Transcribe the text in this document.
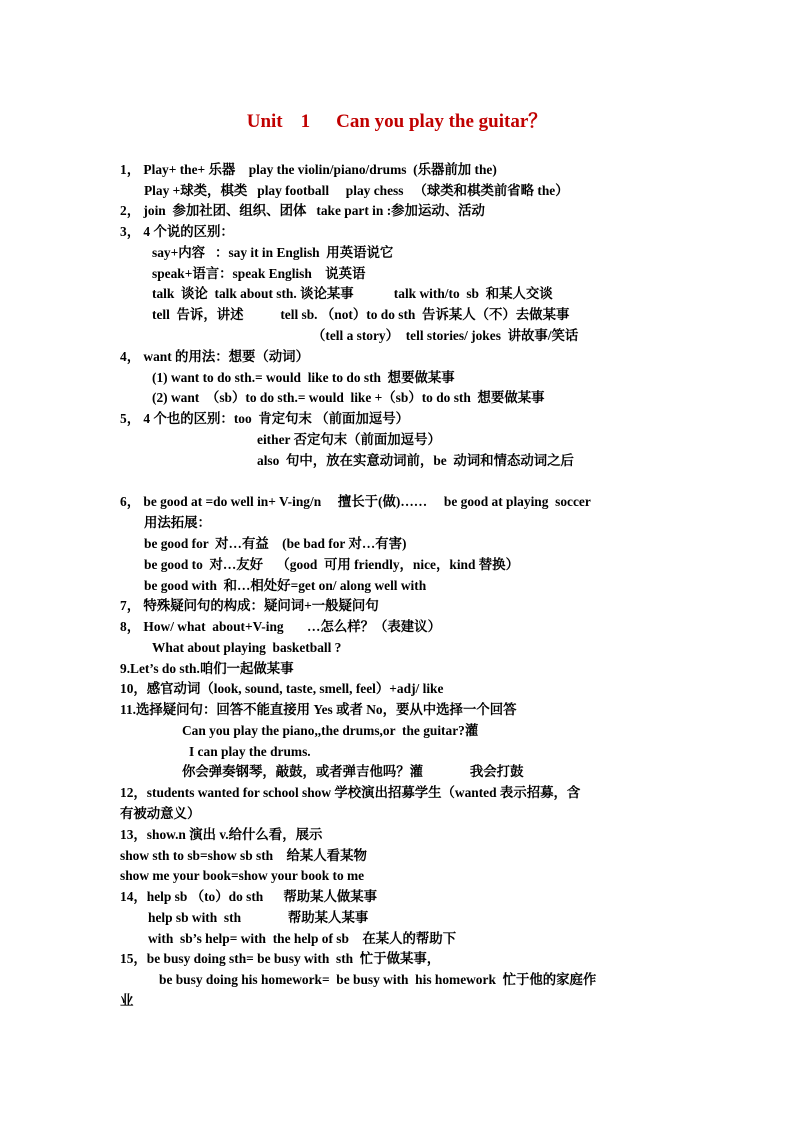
Unit 1 Can you play the guitar？
1， Play+ the+ 乐器    play the violin/piano/drums  (乐器前加 the)
Play +球类，棋类   play football     play chess   （球类和棋类前省略 the）
2， join  参加社团、组织、团体   take part in :参加运动、活动
3， 4 个说的区别：
say+内容   ：say it in English  用英语说它
speak+语言：speak English    说英语
talk  谈论  talk about sth. 谈论某事            talk with/to  sb  和某人交谈
tell  告诉，讲述           tell sb. （not）to do sth  告诉某人（不）去做某事
（tell a story）  tell stories/ jokes  讲故事/笑话
4， want 的用法：想要（动词）
(1) want to do sth.= would  like to do sth  想要做某事
(2) want  （sb）to do sth.= would  like +（sb）to do sth  想要做某事
5， 4 个也的区别：too  肯定句末 （前面加逗号）
either 否定句末（前面加逗号）
also  句中，放在实意动词前，be  动词和情态动词之后
6， be good at =do well in+ V-ing/n     擅长于(做)……     be good at playing  soccer
用法拓展：
be good for  对…有益    (be bad for 对…有害)
be good to  对…友好    （good  可用 friendly，nice，kind 替换）
be good with  和…相处好=get on/ along well with
7， 特殊疑问句的构成：疑问词+一般疑问句
8， How/ what  about+V-ing       …怎么样？（表建议）
What about playing  basketball ?
9.Let’s do sth.咱们一起做某事
10，感官动词（look, sound, taste, smell, feel）+adj/ like
11.选择疑问句：回答不能直接用 Yes 或者 No，要从中选择一个回答
Can you play the piano,,the drums,or  the guitar?灌
I can play the drums.
你会弹奏钢琴，敲鼓，或者弹吉他吗？灌              我会打鼓
12，students wanted for school show 学校演出招募学生（wanted 表示招募，含
有被动意义）
13，show.n 演出 v.给什么看，展示
show sth to sb=show sb sth    给某人看某物
show me your book=show your book to me
14，help sb （to）do sth      帮助某人做某事
help sb with  sth              帮助某人某事
with  sb’s help= with  the help of sb    在某人的帮助下
15，be busy doing sth= be busy with  sth  忙于做某事，
be busy doing his homework=  be busy with  his homework  忙于他的家庭作
业
